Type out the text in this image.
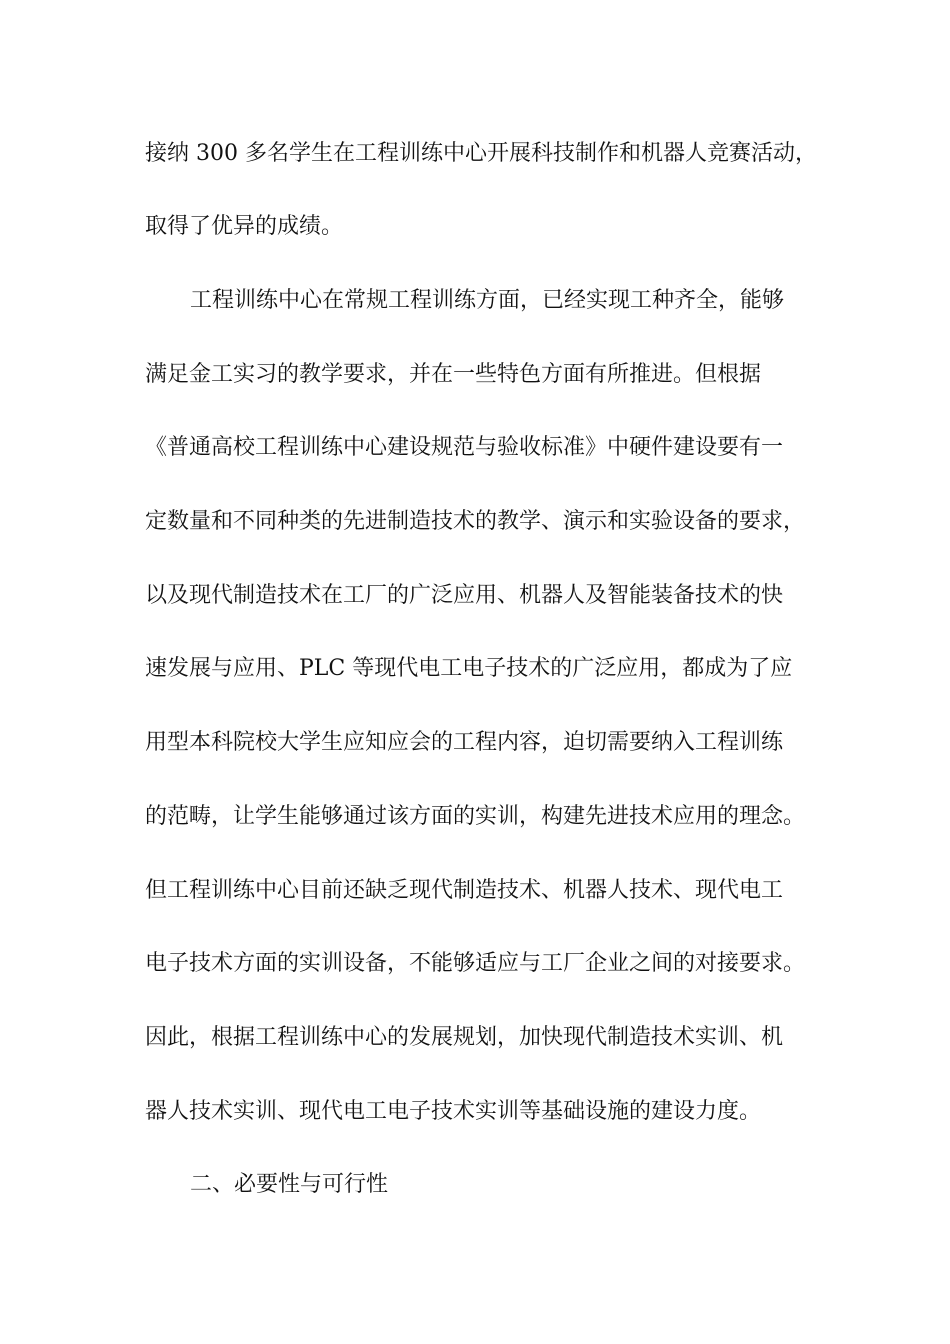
接纳 300 多名学生在工程训练中心开展科技制作和机器人竞赛活动，
取得了优异的成绩。
工程训练中心在常规工程训练方面，已经实现工种齐全，能够
满足金工实习的教学要求，并在一些特色方面有所推进。但根据
《普通高校工程训练中心建设规范与验收标准》中硬件建设要有一
定数量和不同种类的先进制造技术的教学、演示和实验设备的要求，
以及现代制造技术在工厂的广泛应用、机器人及智能装备技术的快
速发展与应用、PLC 等现代电工电子技术的广泛应用，都成为了应
用型本科院校大学生应知应会的工程内容，迫切需要纳入工程训练
的范畴，让学生能够通过该方面的实训，构建先进技术应用的理念。
但工程训练中心目前还缺乏现代制造技术、机器人技术、现代电工
电子技术方面的实训设备，不能够适应与工厂企业之间的对接要求。
因此，根据工程训练中心的发展规划，加快现代制造技术实训、机
器人技术实训、现代电工电子技术实训等基础设施的建设力度。
二、必要性与可行性
